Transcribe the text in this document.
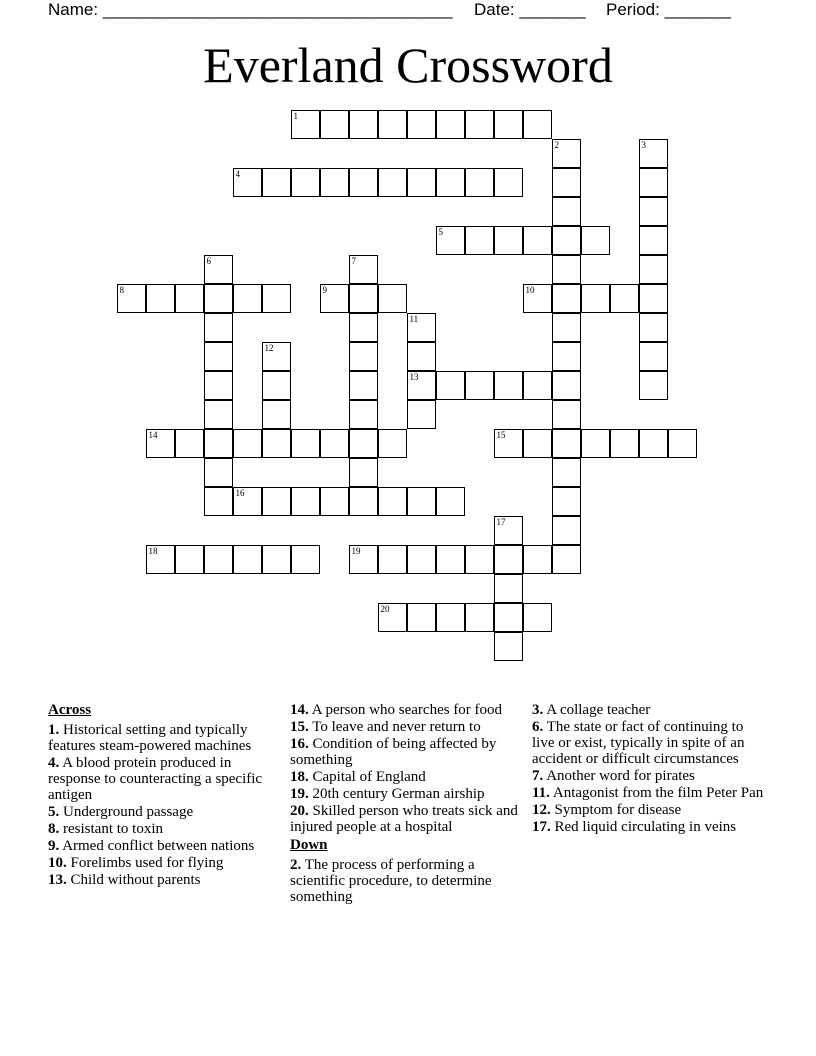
Name: _____________________________________ Date: _______ Period: _______
Everland Crossword
1
2	3
4
5
6	7
8	9	10
11
13
12
14	15
16
17
18	19
20
Across
1. Historical setting and typically features steam-powered machines
4. A blood protein produced in response to counteracting a specific antigen
5. Underground passage
8. resistant to toxin
9. Armed conflict between nations
10. Forelimbs used for flying
13. Child without parents
14. A person who searches for food
15. To leave and never return to
16. Condition of being affected by something
18. Capital of England
19. 20th century German airship
20. Skilled person who treats sick and injured people at a hospital
Down
2. The process of performing a scientific procedure, to determine something
3. A collage teacher
6. The state or fact of continuing to live or exist, typically in spite of an accident or difficult circumstances
7. Another word for pirates
11. Antagonist from the film Peter Pan
12. Symptom for disease
17. Red liquid circulating in veins
